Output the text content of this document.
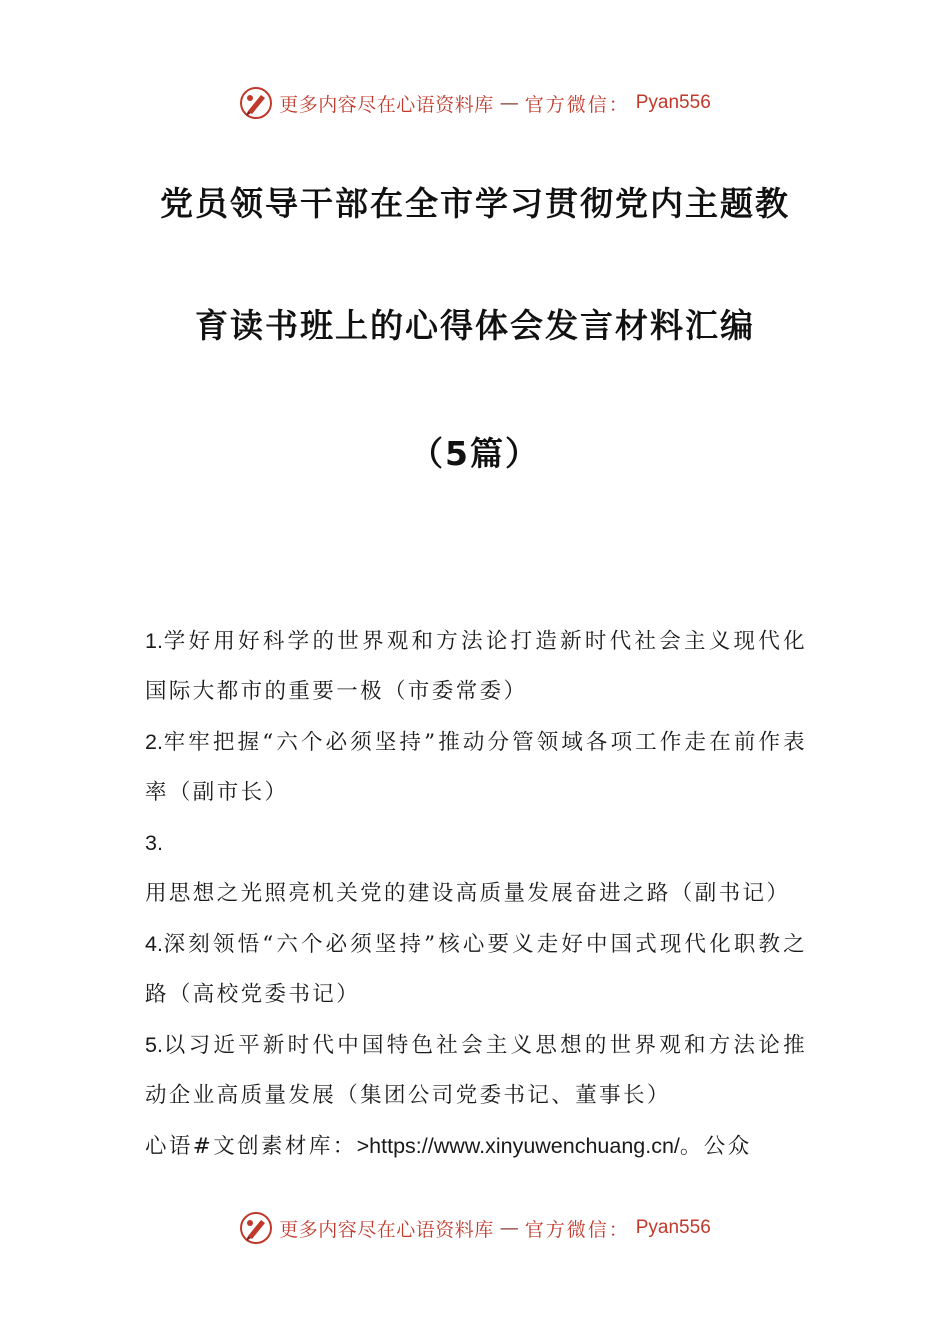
更多内容尽在心语资料库 — 官方微信： Pyan556
党员领导干部在全市学习贯彻党内主题教
育读书班上的心得体会发言材料汇编
（5篇）

1.学好用好科学的世界观和方法论打造新时代社会主义现代化国际大都市的重要一极（市委常委）

2.牢牢把握“六个必须坚持”推动分管领域各项工作走在前作表率（副市长）

3.用思想之光照亮机关党的建设高质量发展奋进之路（副书记）

4.深刻领悟“六个必须坚持”核心要义走好中国式现代化职教之路（高校党委书记）

5.以习近平新时代中国特色社会主义思想的世界观和方法论推动企业高质量发展（集团公司党委书记、董事长）

心语#文创素材库：>https://www.xinyuwenchuang.cn/。公众

更多内容尽在心语资料库 — 官方微信： Pyan556
